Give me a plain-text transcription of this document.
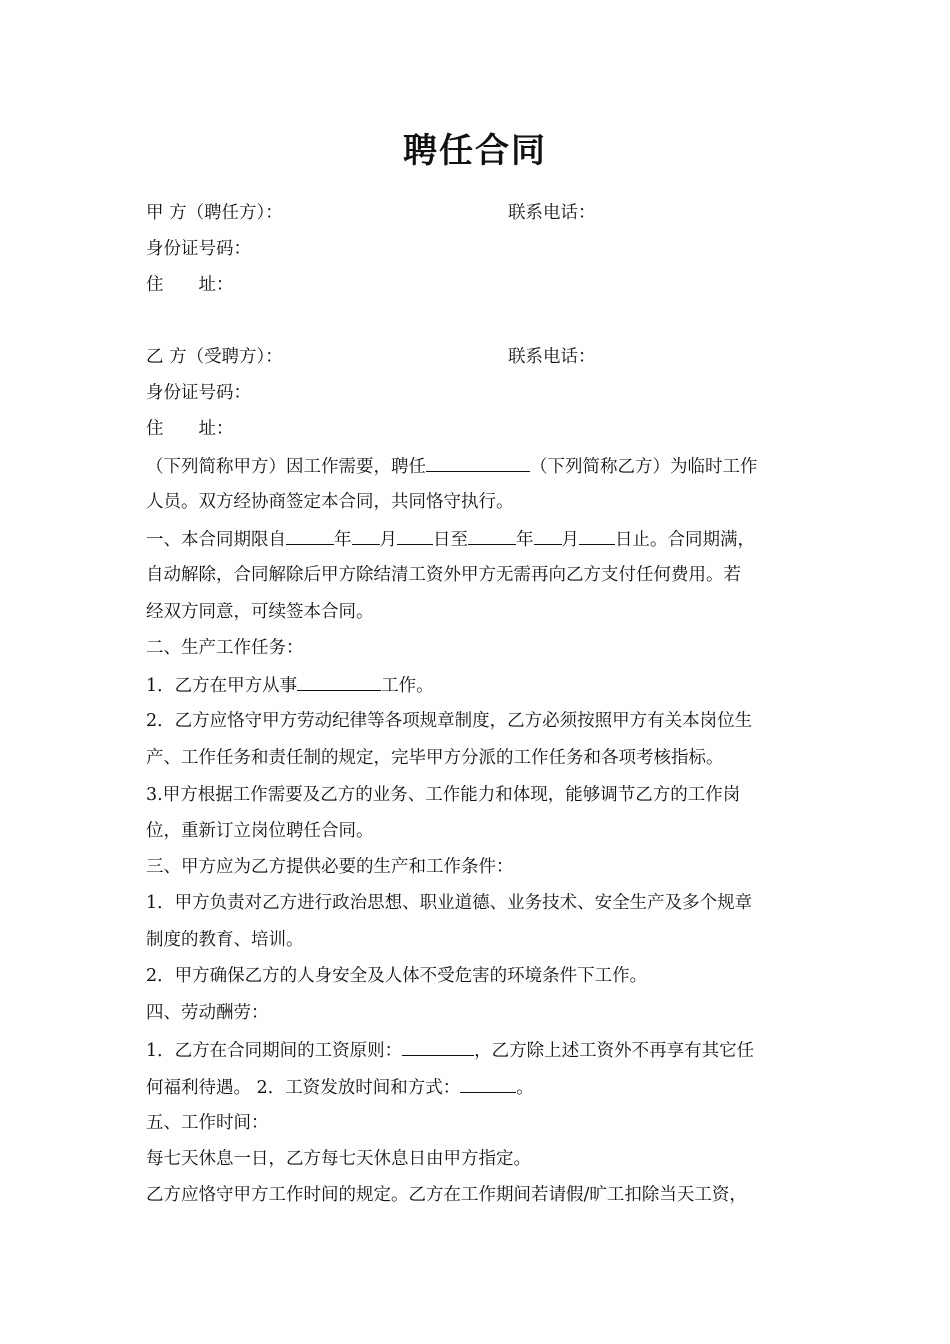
聘任合同
甲 方（聘任方）：	联系电话：
身份证号码：
住　　址：
乙 方（受聘方）：	联系电话：
身份证号码：
住　　址：
（下列简称甲方）因工作需要，聘任	（下列简称乙方）为临时工作
人员。双方经协商签定本合同，共同恪守执行。
一、本合同期限自	年 月 日至	年 月 日止。合同期满，
自动解除，合同解除后甲方除结清工资外甲方无需再向乙方支付任何费用。若
经双方同意，可续签本合同。
二、生产工作任务：
1．乙方在甲方从事	工作。
2．乙方应恪守甲方劳动纪律等各项规章制度，乙方必须按照甲方有关本岗位生
产、工作任务和责任制的规定，完毕甲方分派的工作任务和各项考核指标。
3.甲方根据工作需要及乙方的业务、工作能力和体现，能够调节乙方的工作岗
位，重新订立岗位聘任合同。
三、甲方应为乙方提供必要的生产和工作条件：
1．甲方负责对乙方进行政治思想、职业道德、业务技术、安全生产及多个规章
制度的教育、培训。
2．甲方确保乙方的人身安全及人体不受危害的环境条件下工作。
四、劳动酬劳：
1．乙方在合同期间的工资原则：	，乙方除上述工资外不再享有其它任
何福利待遇。 2．工资发放时间和方式：	。
五、工作时间：
每七天休息一日，乙方每七天休息日由甲方指定。
乙方应恪守甲方工作时间的规定。乙方在工作期间若请假/旷工扣除当天工资，
